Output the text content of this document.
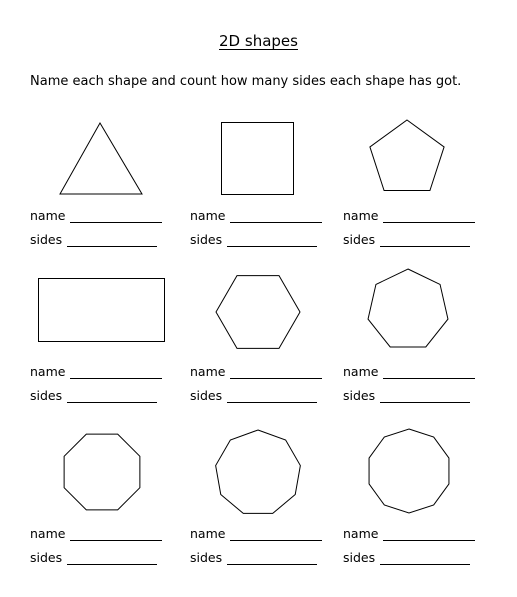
2D shapes
Name each shape and count how many sides each shape has got.
name
sides
name
sides
name
sides
name
sides
name
sides
name
sides
name
sides
name
sides
name
sides
